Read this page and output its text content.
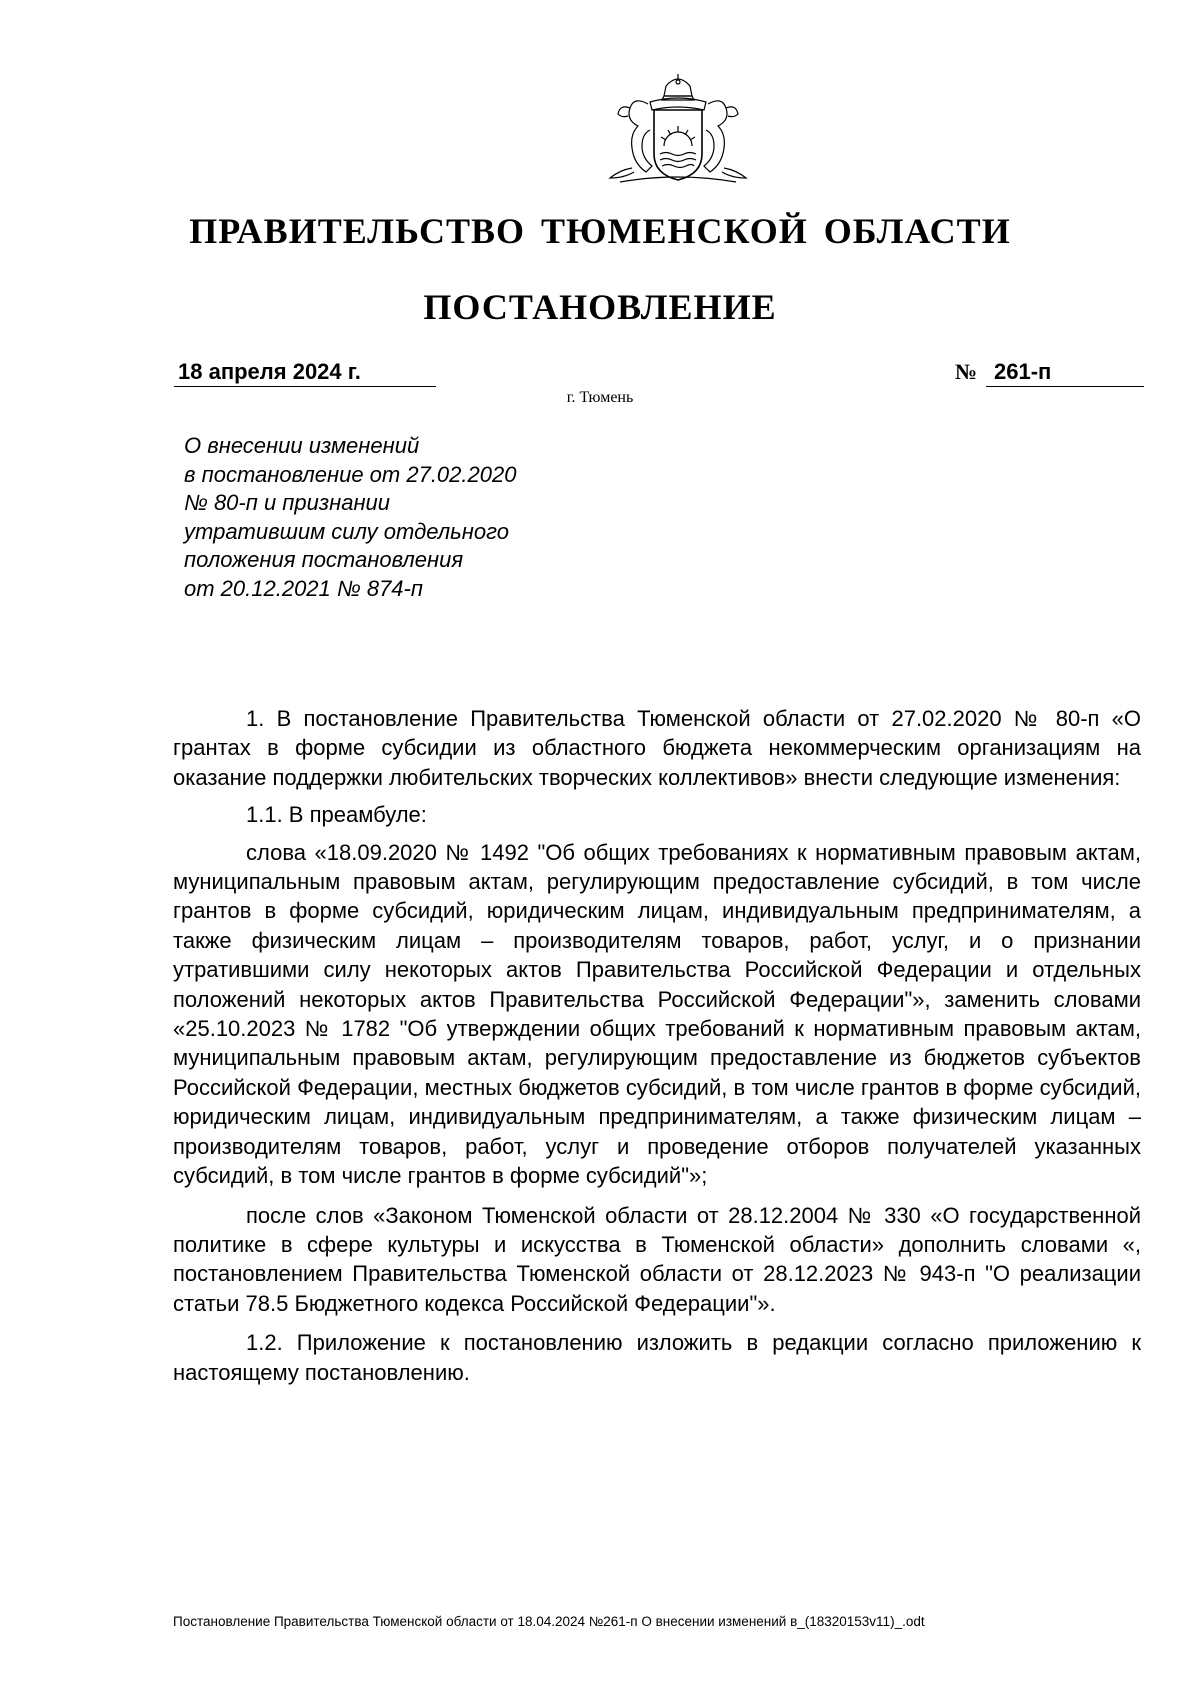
ПРАВИТЕЛЬСТВО ТЮМЕНСКОЙ ОБЛАСТИ
ПОСТАНОВЛЕНИЕ
18 апреля 2024 г.	№ 261-п
г. Тюмень
О внесении изменений
в постановление от 27.02.2020
№ 80-п и признании
утратившим силу отдельного
положения постановления
от 20.12.2021 № 874-п

1. В постановление Правительства Тюменской области от 27.02.2020 № 80-п «О грантах в форме субсидии из областного бюджета некоммерческим организациям на оказание поддержки любительских творческих коллективов» внести следующие изменения:

1.1. В преамбуле:

слова «18.09.2020 № 1492 "Об общих требованиях к нормативным правовым актам, муниципальным правовым актам, регулирующим предоставление субсидий, в том числе грантов в форме субсидий, юридическим лицам, индивидуальным предпринимателям, а также физическим лицам – производителям товаров, работ, услуг, и о признании утратившими силу некоторых актов Правительства Российской Федерации и отдельных положений некоторых актов Правительства Российской Федерации"», заменить словами «25.10.2023 № 1782 "Об утверждении общих требований к нормативным правовым актам, муниципальным правовым актам, регулирующим предоставление из бюджетов субъектов Российской Федерации, местных бюджетов субсидий, в том числе грантов в форме субсидий, юридическим лицам, индивидуальным предпринимателям, а также физическим лицам – производителям товаров, работ, услуг и проведение отборов получателей указанных субсидий, в том числе грантов в форме субсидий"»;

после слов «Законом Тюменской области от 28.12.2004 № 330 «О государственной политике в сфере культуры и искусства в Тюменской области» дополнить словами «, постановлением Правительства Тюменской области от 28.12.2023 № 943-п "О реализации статьи 78.5 Бюджетного кодекса Российской Федерации"».

1.2. Приложение к постановлению изложить в редакции согласно приложению к настоящему постановлению.

Постановление Правительства Тюменской области от 18.04.2024 №261-п О внесении изменений в_(18320153v11)_.odt
